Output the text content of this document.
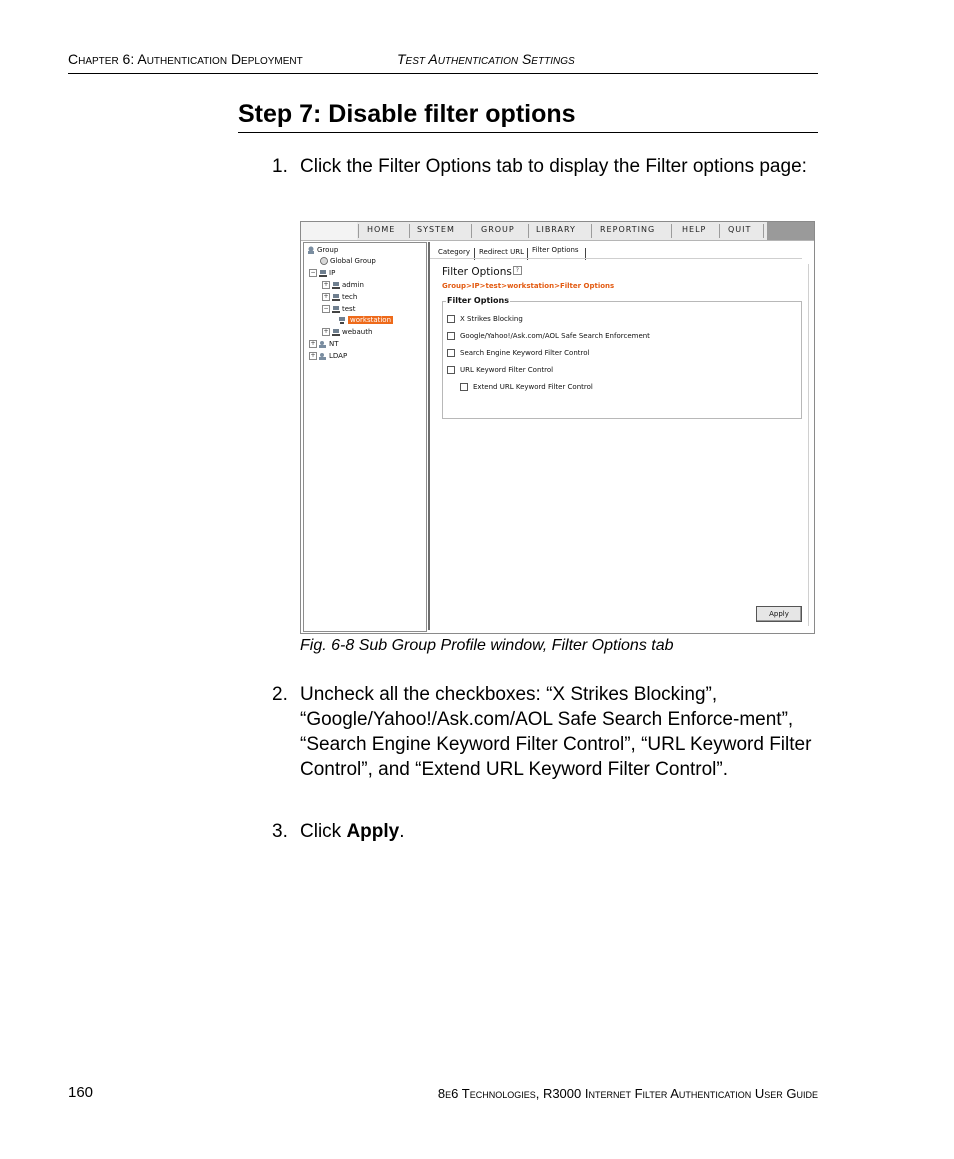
Chapter 6: Authentication Deployment	Test Authentication Settings
Step 7: Disable filter options
1. Click the Filter Options tab to display the Filter options page:
HOME	SYSTEM	GROUP	LIBRARY	REPORTING	HELP	QUIT
Group
Global Group
− IP
+ admin
+ tech
− test
workstation
+ webauth
+ NT
+ LDAP
Category Redirect URL Filter Options
Filter Options ?
Group>IP>test>workstation>Filter Options
Filter Options
X Strikes Blocking
Google/Yahoo!/Ask.com/AOL Safe Search Enforcement
Search Engine Keyword Filter Control
URL Keyword Filter Control
Extend URL Keyword Filter Control
Apply
Fig. 6-8 Sub Group Profile window, Filter Options tab
2. Uncheck all the checkboxes: “X Strikes Blocking”, “Google/Yahoo!/Ask.com/AOL Safe Search Enforce-ment”, “Search Engine Keyword Filter Control”, “URL Keyword Filter Control”, and “Extend URL Keyword Filter Control”.
3. Click Apply.
160	8e6 Technologies, R3000 Internet Filter Authentication User Guide
